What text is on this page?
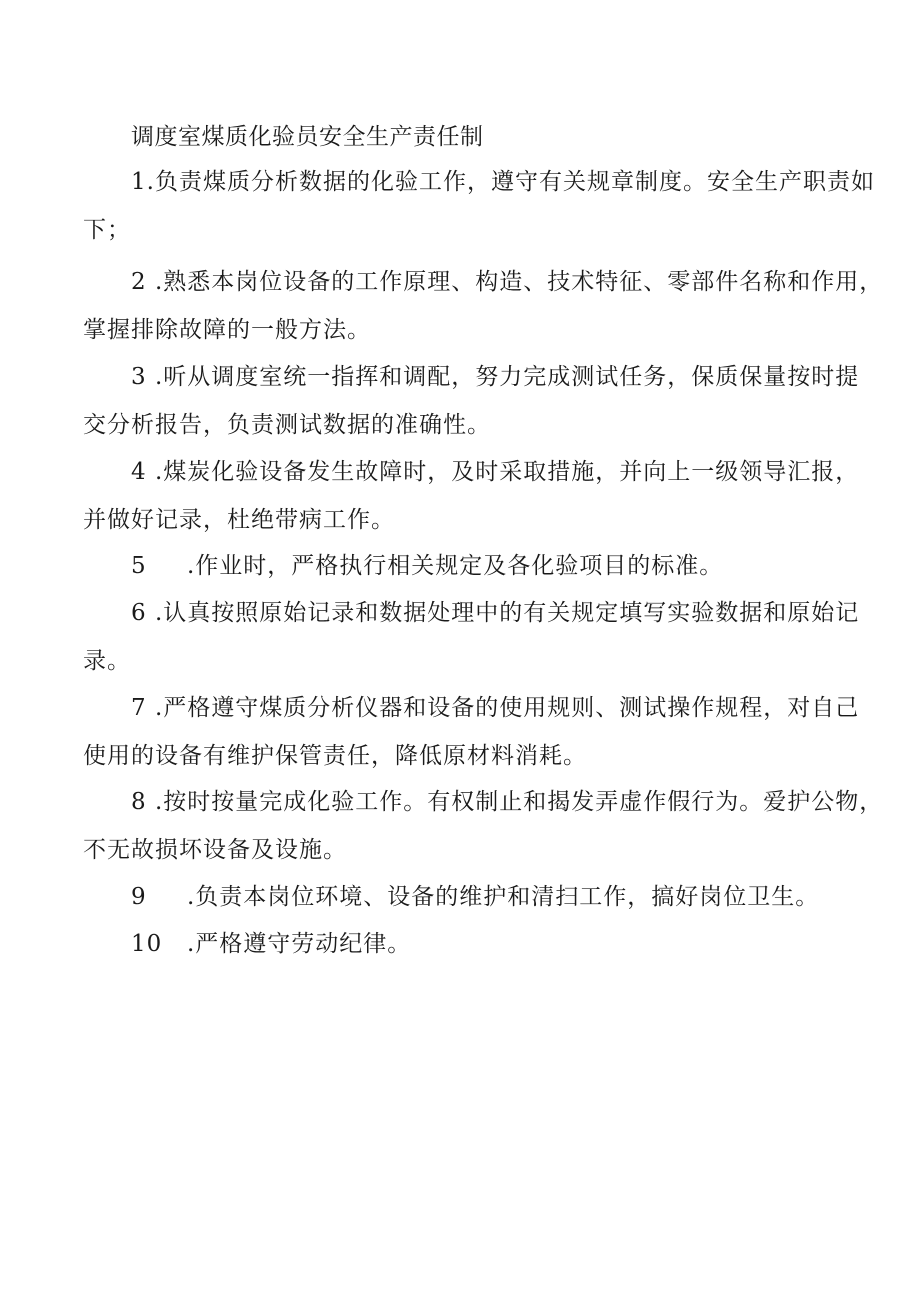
调度室煤质化验员安全生产责任制
1.负责煤质分析数据的化验工作，遵守有关规章制度。安全生产职责如
下；
2 .熟悉本岗位设备的工作原理、构造、技术特征、零部件名称和作用，
掌握排除故障的一般方法。
3 .听从调度室统一指挥和调配，努力完成测试任务，保质保量按时提
交分析报告，负责测试数据的准确性。
4 .煤炭化验设备发生故障时，及时采取措施，并向上一级领导汇报，
并做好记录，杜绝带病工作。
5 .作业时，严格执行相关规定及各化验项目的标准。
6 .认真按照原始记录和数据处理中的有关规定填写实验数据和原始记
录。
7 .严格遵守煤质分析仪器和设备的使用规则、测试操作规程，对自己
使用的设备有维护保管责任，降低原材料消耗。
8 .按时按量完成化验工作。有权制止和揭发弄虚作假行为。爱护公物，
不无故损坏设备及设施。
9 .负责本岗位环境、设备的维护和清扫工作，搞好岗位卫生。
10 .严格遵守劳动纪律。
